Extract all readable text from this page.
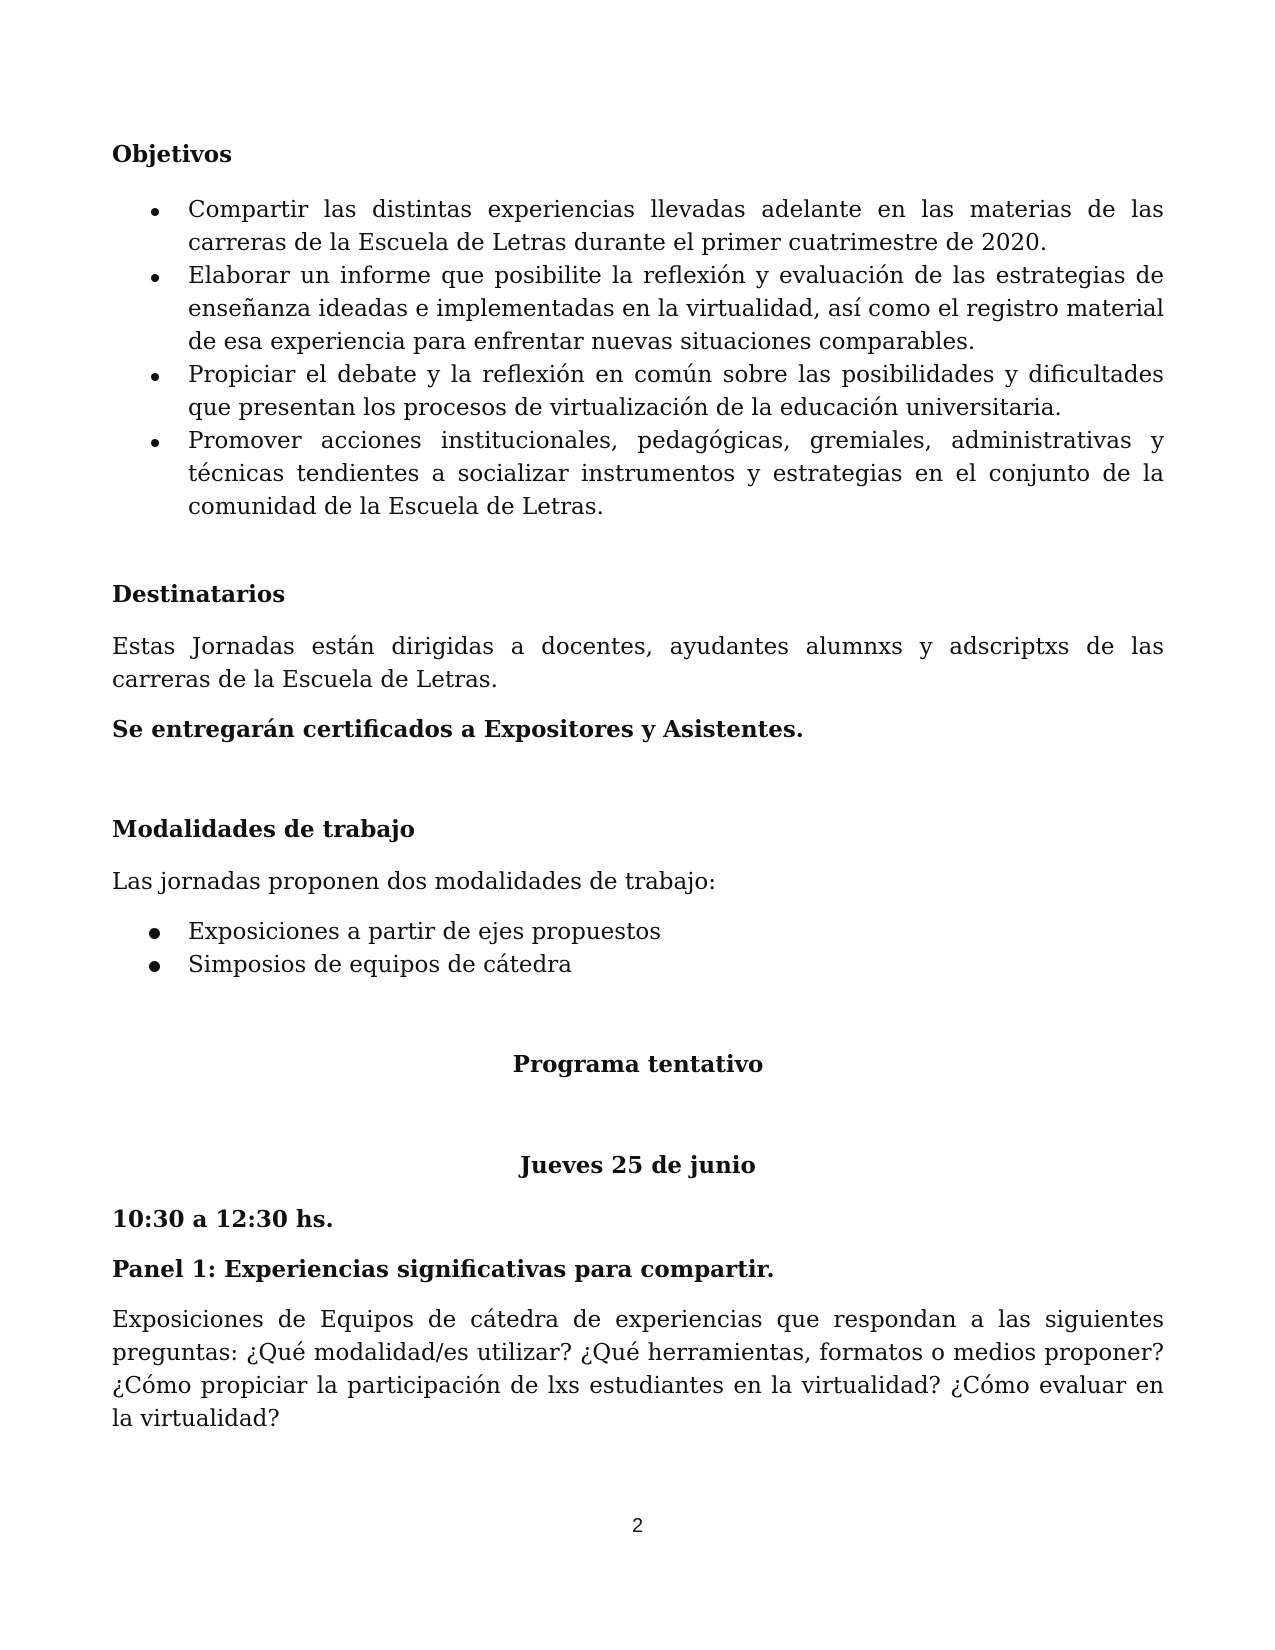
Objetivos
Compartir las distintas experiencias llevadas adelante en las materias de las carreras de la Escuela de Letras durante el primer cuatrimestre de 2020.
Elaborar un informe que posibilite la reflexión y evaluación de las estrategias de enseñanza ideadas e implementadas en la virtualidad, así como el registro material de esa experiencia para enfrentar nuevas situaciones comparables.
Propiciar el debate y la reflexión en común sobre las posibilidades y dificultades que presentan los procesos de virtualización de la educación universitaria.
Promover acciones institucionales, pedagógicas, gremiales, administrativas y técnicas tendientes a socializar instrumentos y estrategias en el conjunto de la comunidad de la Escuela de Letras.
Destinatarios

Estas Jornadas están dirigidas a docentes, ayudantes alumnxs y adscriptxs de las carreras de la Escuela de Letras.

Se entregarán certificados a Expositores y Asistentes.

Modalidades de trabajo

Las jornadas proponen dos modalidades de trabajo:

Exposiciones a partir de ejes propuestos
Simposios de equipos de cátedra
Programa tentativo
Jueves 25 de junio

10:30 a 12:30 hs.

Panel 1: Experiencias significativas para compartir.

Exposiciones de Equipos de cátedra de experiencias que respondan a las siguientes preguntas: ¿Qué modalidad/es utilizar? ¿Qué herramientas, formatos o medios proponer? ¿Cómo propiciar la participación de lxs estudiantes en la virtualidad? ¿Cómo evaluar en la virtualidad?

2
